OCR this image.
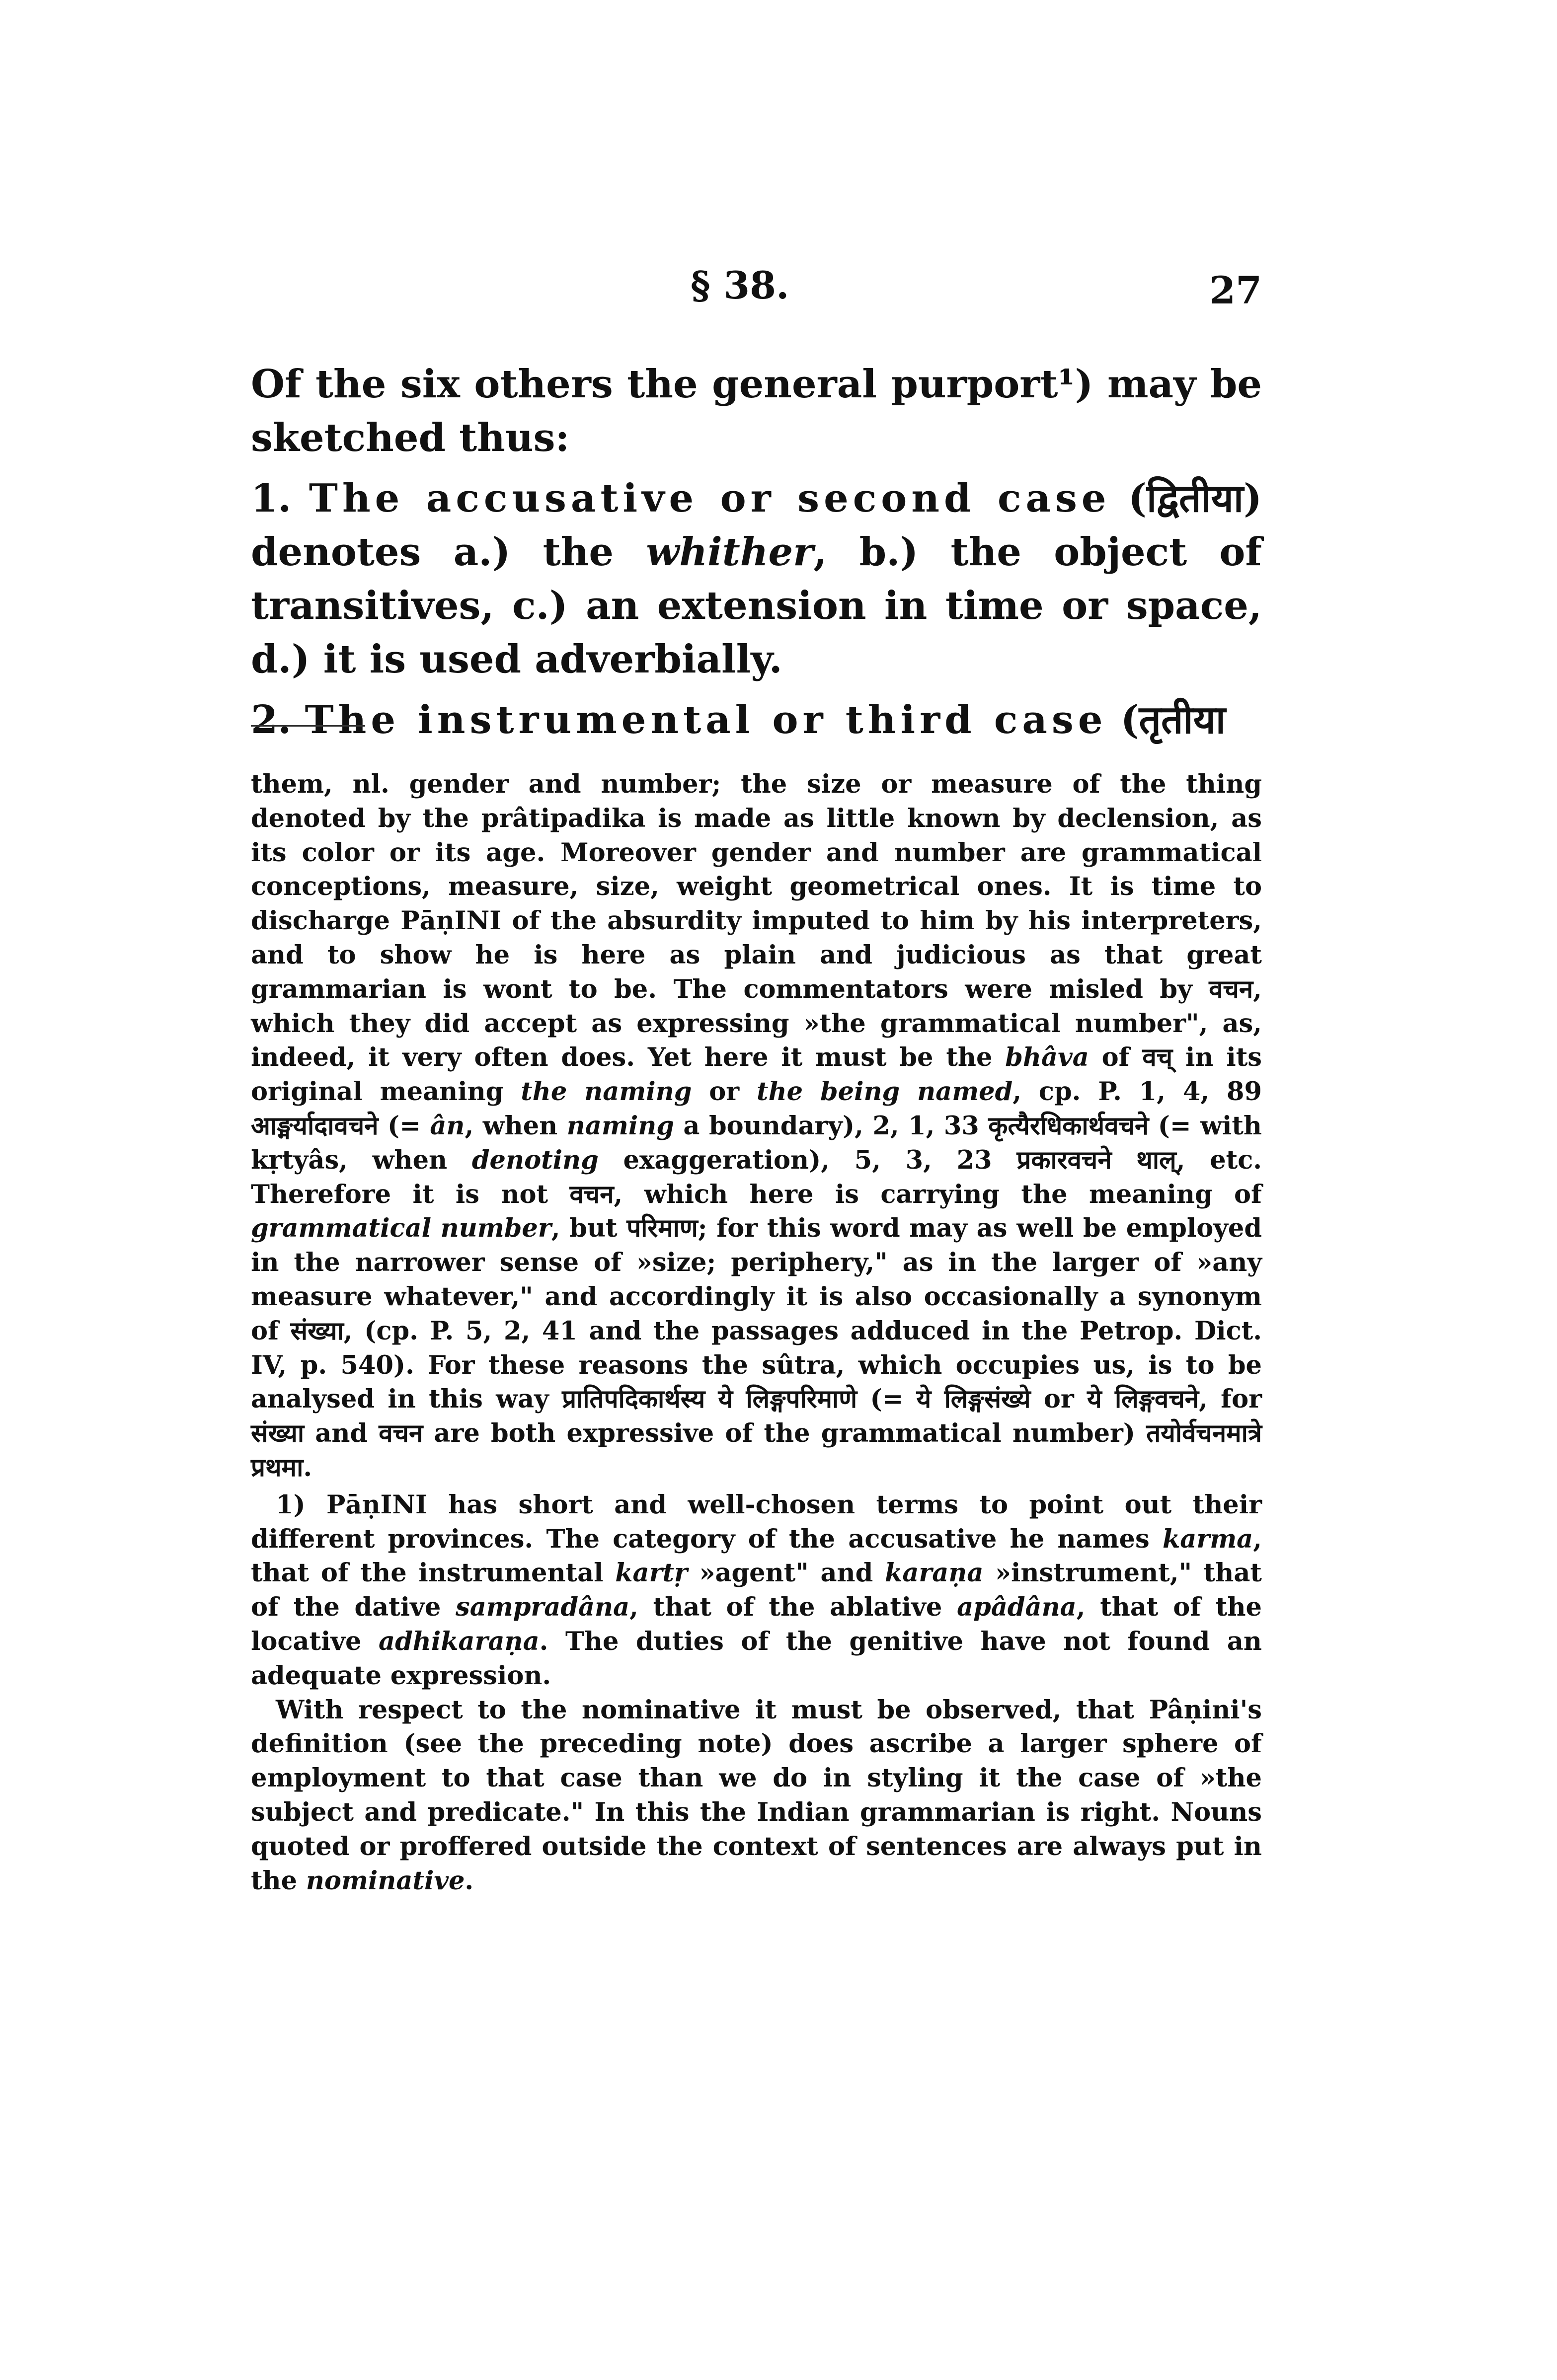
§ 38.	27

Of the six others the general purport¹) may be sketched thus:

1. The accusative or second case (द्वितीया) denotes a.) the whither, b.) the object of transitives, c.) an extension in time or space, d.) it is used adverbially.

2. The instrumental or third case (तृतीया

them, nl. gender and number; the size or measure of the thing denoted by the prâtipadika is made as little known by declension, as its color or its age. Moreover gender and number are grammatical conceptions, measure, size, weight geometrical ones. It is time to discharge PāṇINI of the absurdity imputed to him by his interpreters, and to show he is here as plain and judicious as that great grammarian is wont to be. The commentators were misled by वचन, which they did accept as expressing »the grammatical number", as, indeed, it very often does. Yet here it must be the bhâva of वच् in its original meaning the naming or the being named, cp. P. 1, 4, 89 आङ्मर्यादावचने (= ân, when naming a boundary), 2, 1, 33 कृत्यैरधिकार्थवचने (= with kṛtyâs, when denoting exaggeration), 5, 3, 23 प्रकारवचने थाल्, etc. Therefore it is not वचन, which here is carrying the meaning of grammatical number, but परिमाण; for this word may as well be employed in the narrower sense of »size; periphery," as in the larger of »any measure whatever," and accordingly it is also occasionally a synonym of संख्या, (cp. P. 5, 2, 41 and the passages adduced in the Petrop. Dict. IV, p. 540). For these reasons the sûtra, which occupies us, is to be analysed in this way प्रातिपदिकार्थस्य ये लिङ्गपरिमाणे (= ये लिङ्गसंख्ये or ये लिङ्गवचने, for संख्या and वचन are both expressive of the grammatical number) तयोर्वचनमात्रे प्रथमा.

1) PāṇINI has short and well-chosen terms to point out their different provinces. The category of the accusative he names karma, that of the instrumental kartṛ »agent" and karaṇa »instrument," that of the dative sampradâna, that of the ablative apâdâna, that of the locative adhikaraṇa. The duties of the genitive have not found an adequate expression.

With respect to the nominative it must be observed, that Pâṇini's definition (see the preceding note) does ascribe a larger sphere of employment to that case than we do in styling it the case of »the subject and predicate." In this the Indian grammarian is right. Nouns quoted or proffered outside the context of sentences are always put in the nominative.
